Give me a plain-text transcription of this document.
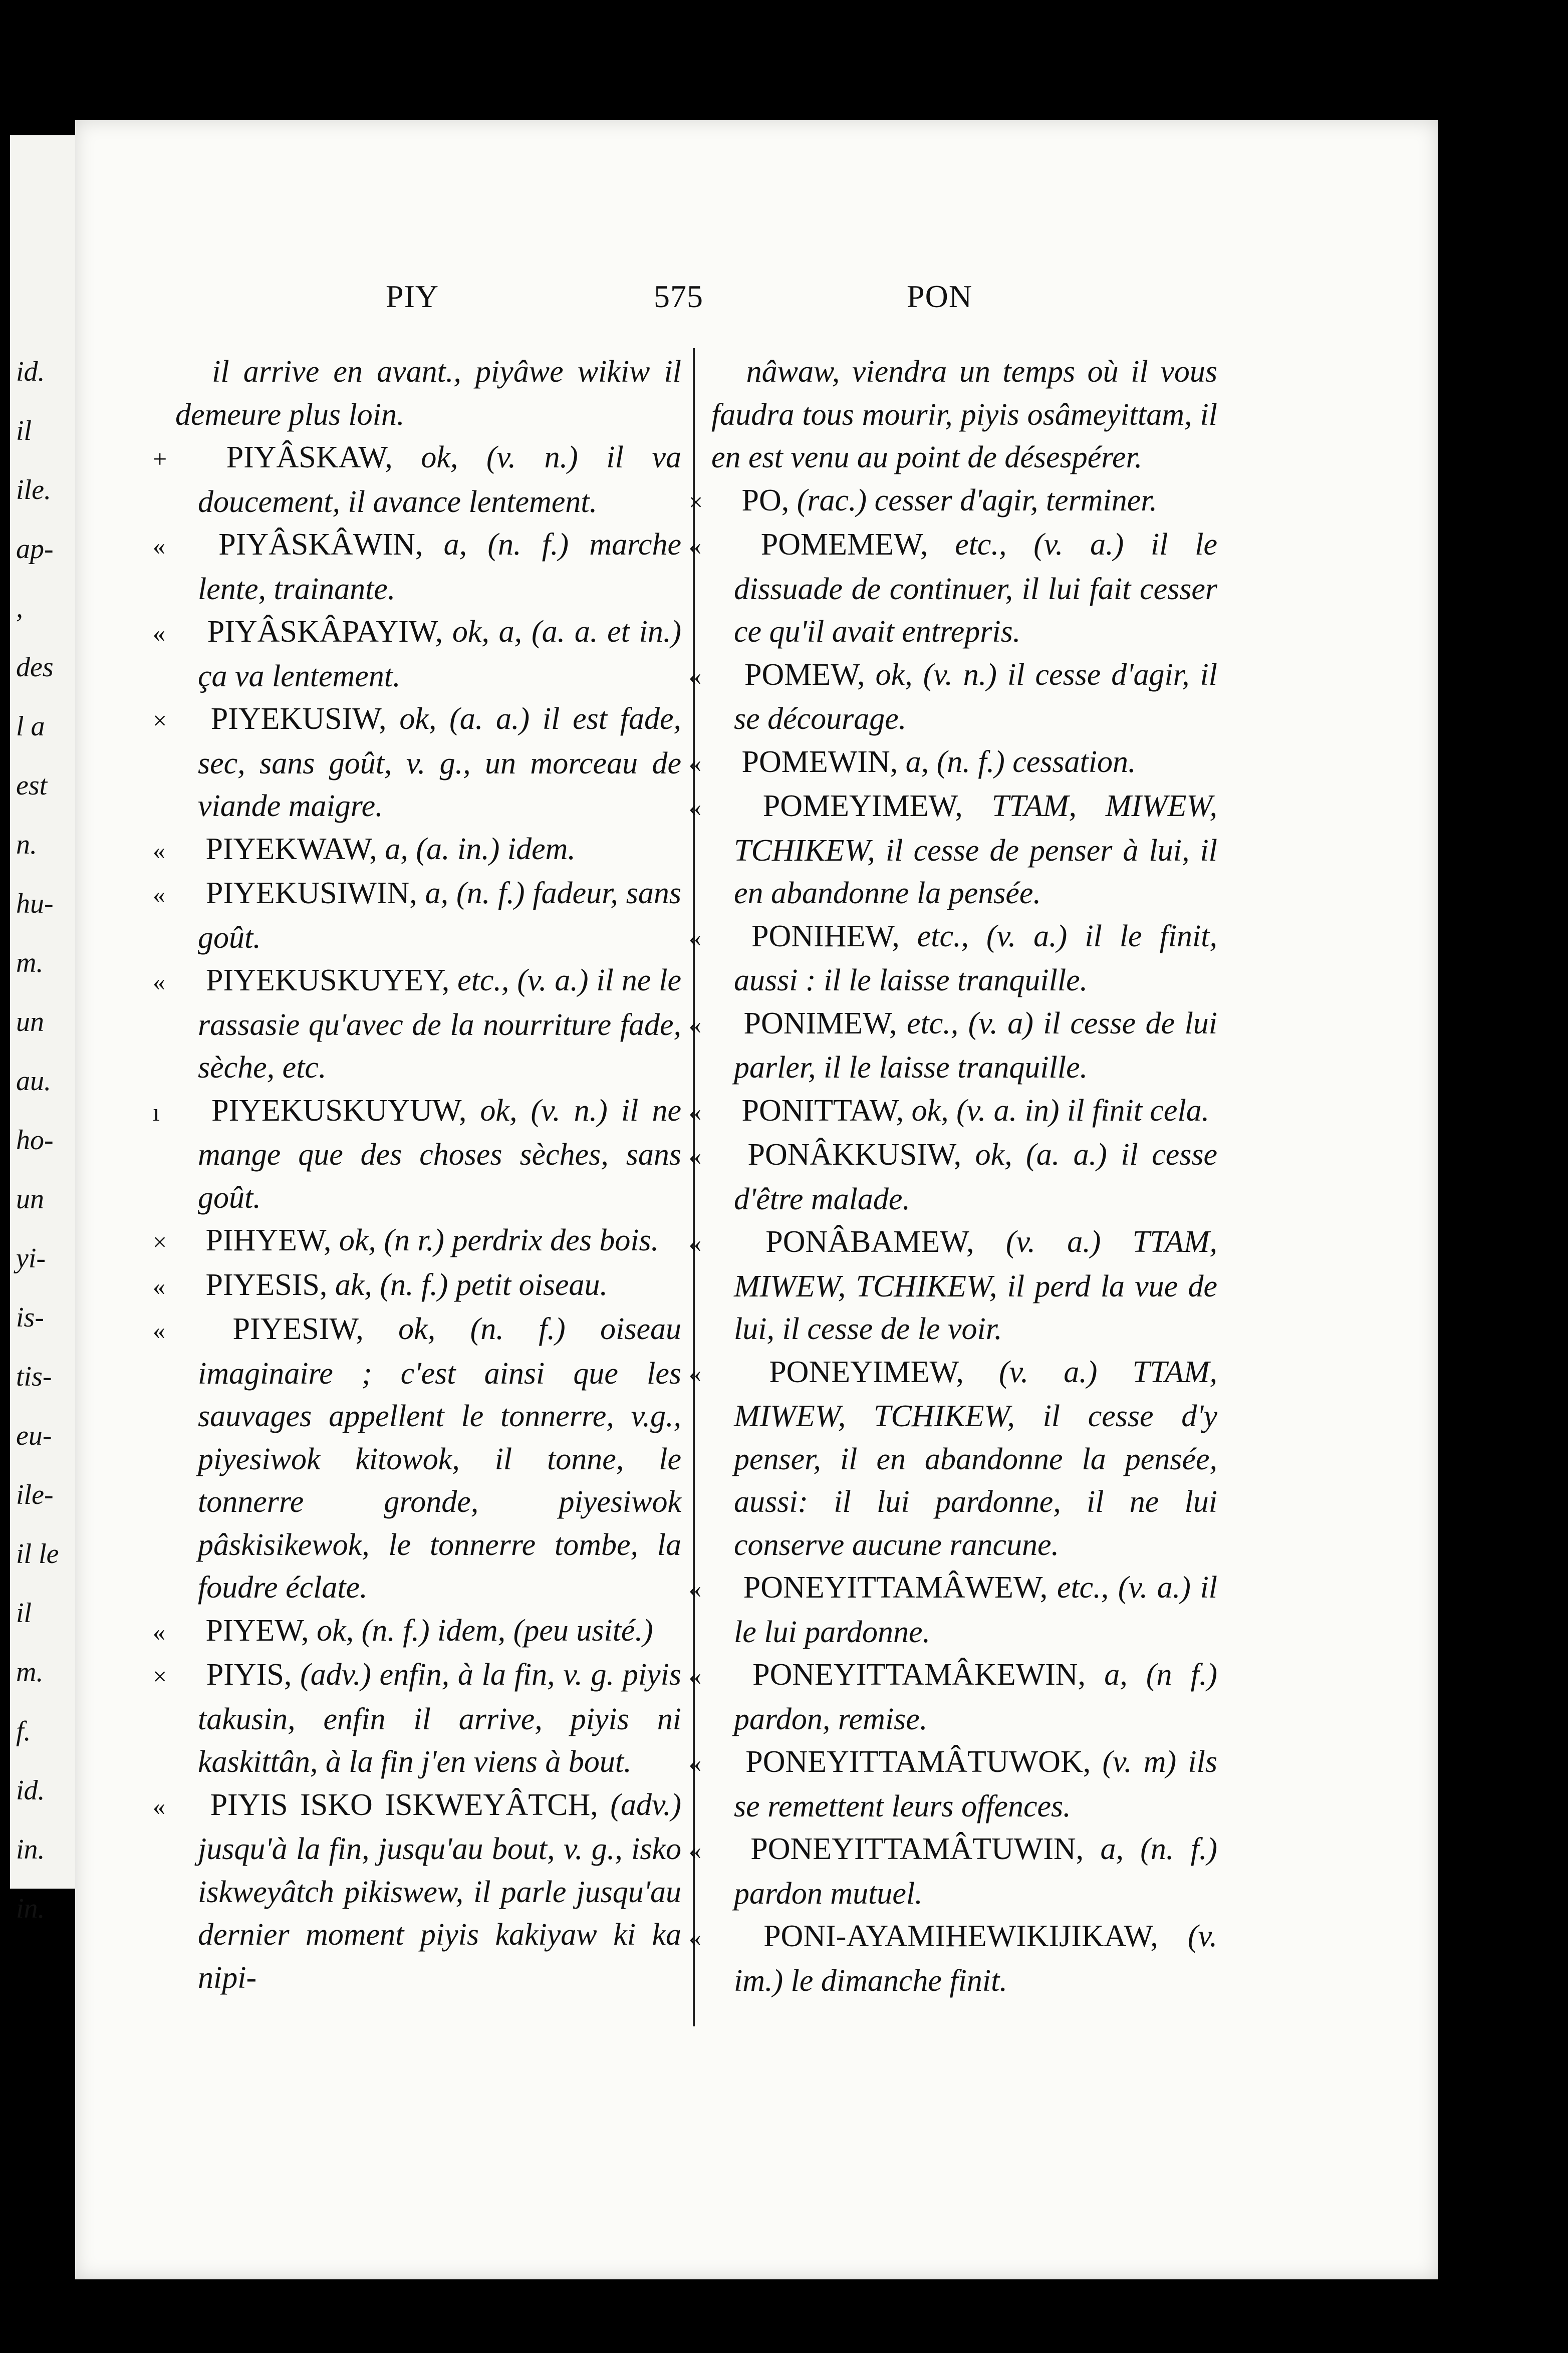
id.
il
ile.
ap-
,
des
l a
est
n.
hu-
m.
un
au.
ho-
un
yi-
is-
tis-
eu-
ile-
il le
il
m.
f.
id.
in.
in.
PIY	575	PON

il arrive en avant., piyâwe wikiw il demeure plus loin.

+ PIYÂSKAW, ok, (v. n.) il va doucement, il avance lentement.

« PIYÂSKÂWIN, a, (n. f.) marche lente, trainante.

« PIYÂSKÂPAYIW, ok, a, (a. a. et in.) ça va lentement.

× PIYEKUSIW, ok, (a. a.) il est fade, sec, sans goût, v. g., un morceau de viande maigre.

« PIYEKWAW, a, (a. in.) idem.

« PIYEKUSIWIN, a, (n. f.) fadeur, sans goût.

« PIYEKUSKUYEY, etc., (v. a.) il ne le rassasie qu'avec de la nourriture fade, sèche, etc.

ı PIYEKUSKUYUW, ok, (v. n.) il ne mange que des choses sèches, sans goût.

× PIHYEW, ok, (n r.) perdrix des bois.

« PIYESIS, ak, (n. f.) petit oiseau.

« PIYESIW, ok, (n. f.) oiseau imaginaire ; c'est ainsi que les sauvages appellent le tonnerre, v.g., piyesiwok kitowok, il tonne, le tonnerre gronde, piyesiwok pâskisikewok, le tonnerre tombe, la foudre éclate.

« PIYEW, ok, (n. f.) idem, (peu usité.)

× PIYIS, (adv.) enfin, à la fin, v. g. piyis takusin, enfin il arrive, piyis ni kaskittân, à la fin j'en viens à bout.

« PIYIS ISKO ISKWEYÂTCH, (adv.) jusqu'à la fin, jusqu'au bout, v. g., isko iskweyâtch pikiswew, il parle jusqu'au dernier moment piyis kakiyaw ki ka nipi-

nâwaw, viendra un temps où il vous faudra tous mourir, piyis osâmeyittam, il en est venu au point de désespérer.

× PO, (rac.) cesser d'agir, terminer.

« POMEMEW, etc., (v. a.) il le dissuade de continuer, il lui fait cesser ce qu'il avait entrepris.

« POMEW, ok, (v. n.) il cesse d'agir, il se décourage.

« POMEWIN, a, (n. f.) cessation.

« POMEYIMEW, TTAM, MIWEW, TCHIKEW, il cesse de penser à lui, il en abandonne la pensée.

« PONIHEW, etc., (v. a.) il le finit, aussi : il le laisse tranquille.

« PONIMEW, etc., (v. a) il cesse de lui parler, il le laisse tranquille.

« PONITTAW, ok, (v. a. in) il finit cela.

« PONÂKKUSIW, ok, (a. a.) il cesse d'être malade.

« PONÂBAMEW, (v. a.) TTAM, MIWEW, TCHIKEW, il perd la vue de lui, il cesse de le voir.

« PONEYIMEW, (v. a.) TTAM, MIWEW, TCHIKEW, il cesse d'y penser, il en abandonne la pensée, aussi: il lui pardonne, il ne lui conserve aucune rancune.

« PONEYITTAMÂWEW, etc., (v. a.) il le lui pardonne.

« PONEYITTAMÂKEWIN, a, (n f.) pardon, remise.

« PONEYITTAMÂTUWOK, (v. m) ils se remettent leurs offences.

« PONEYITTAMÂTUWIN, a, (n. f.) pardon mutuel.

« PONI-AYAMIHEWIKIJIKAW, (v. im.) le dimanche finit.
